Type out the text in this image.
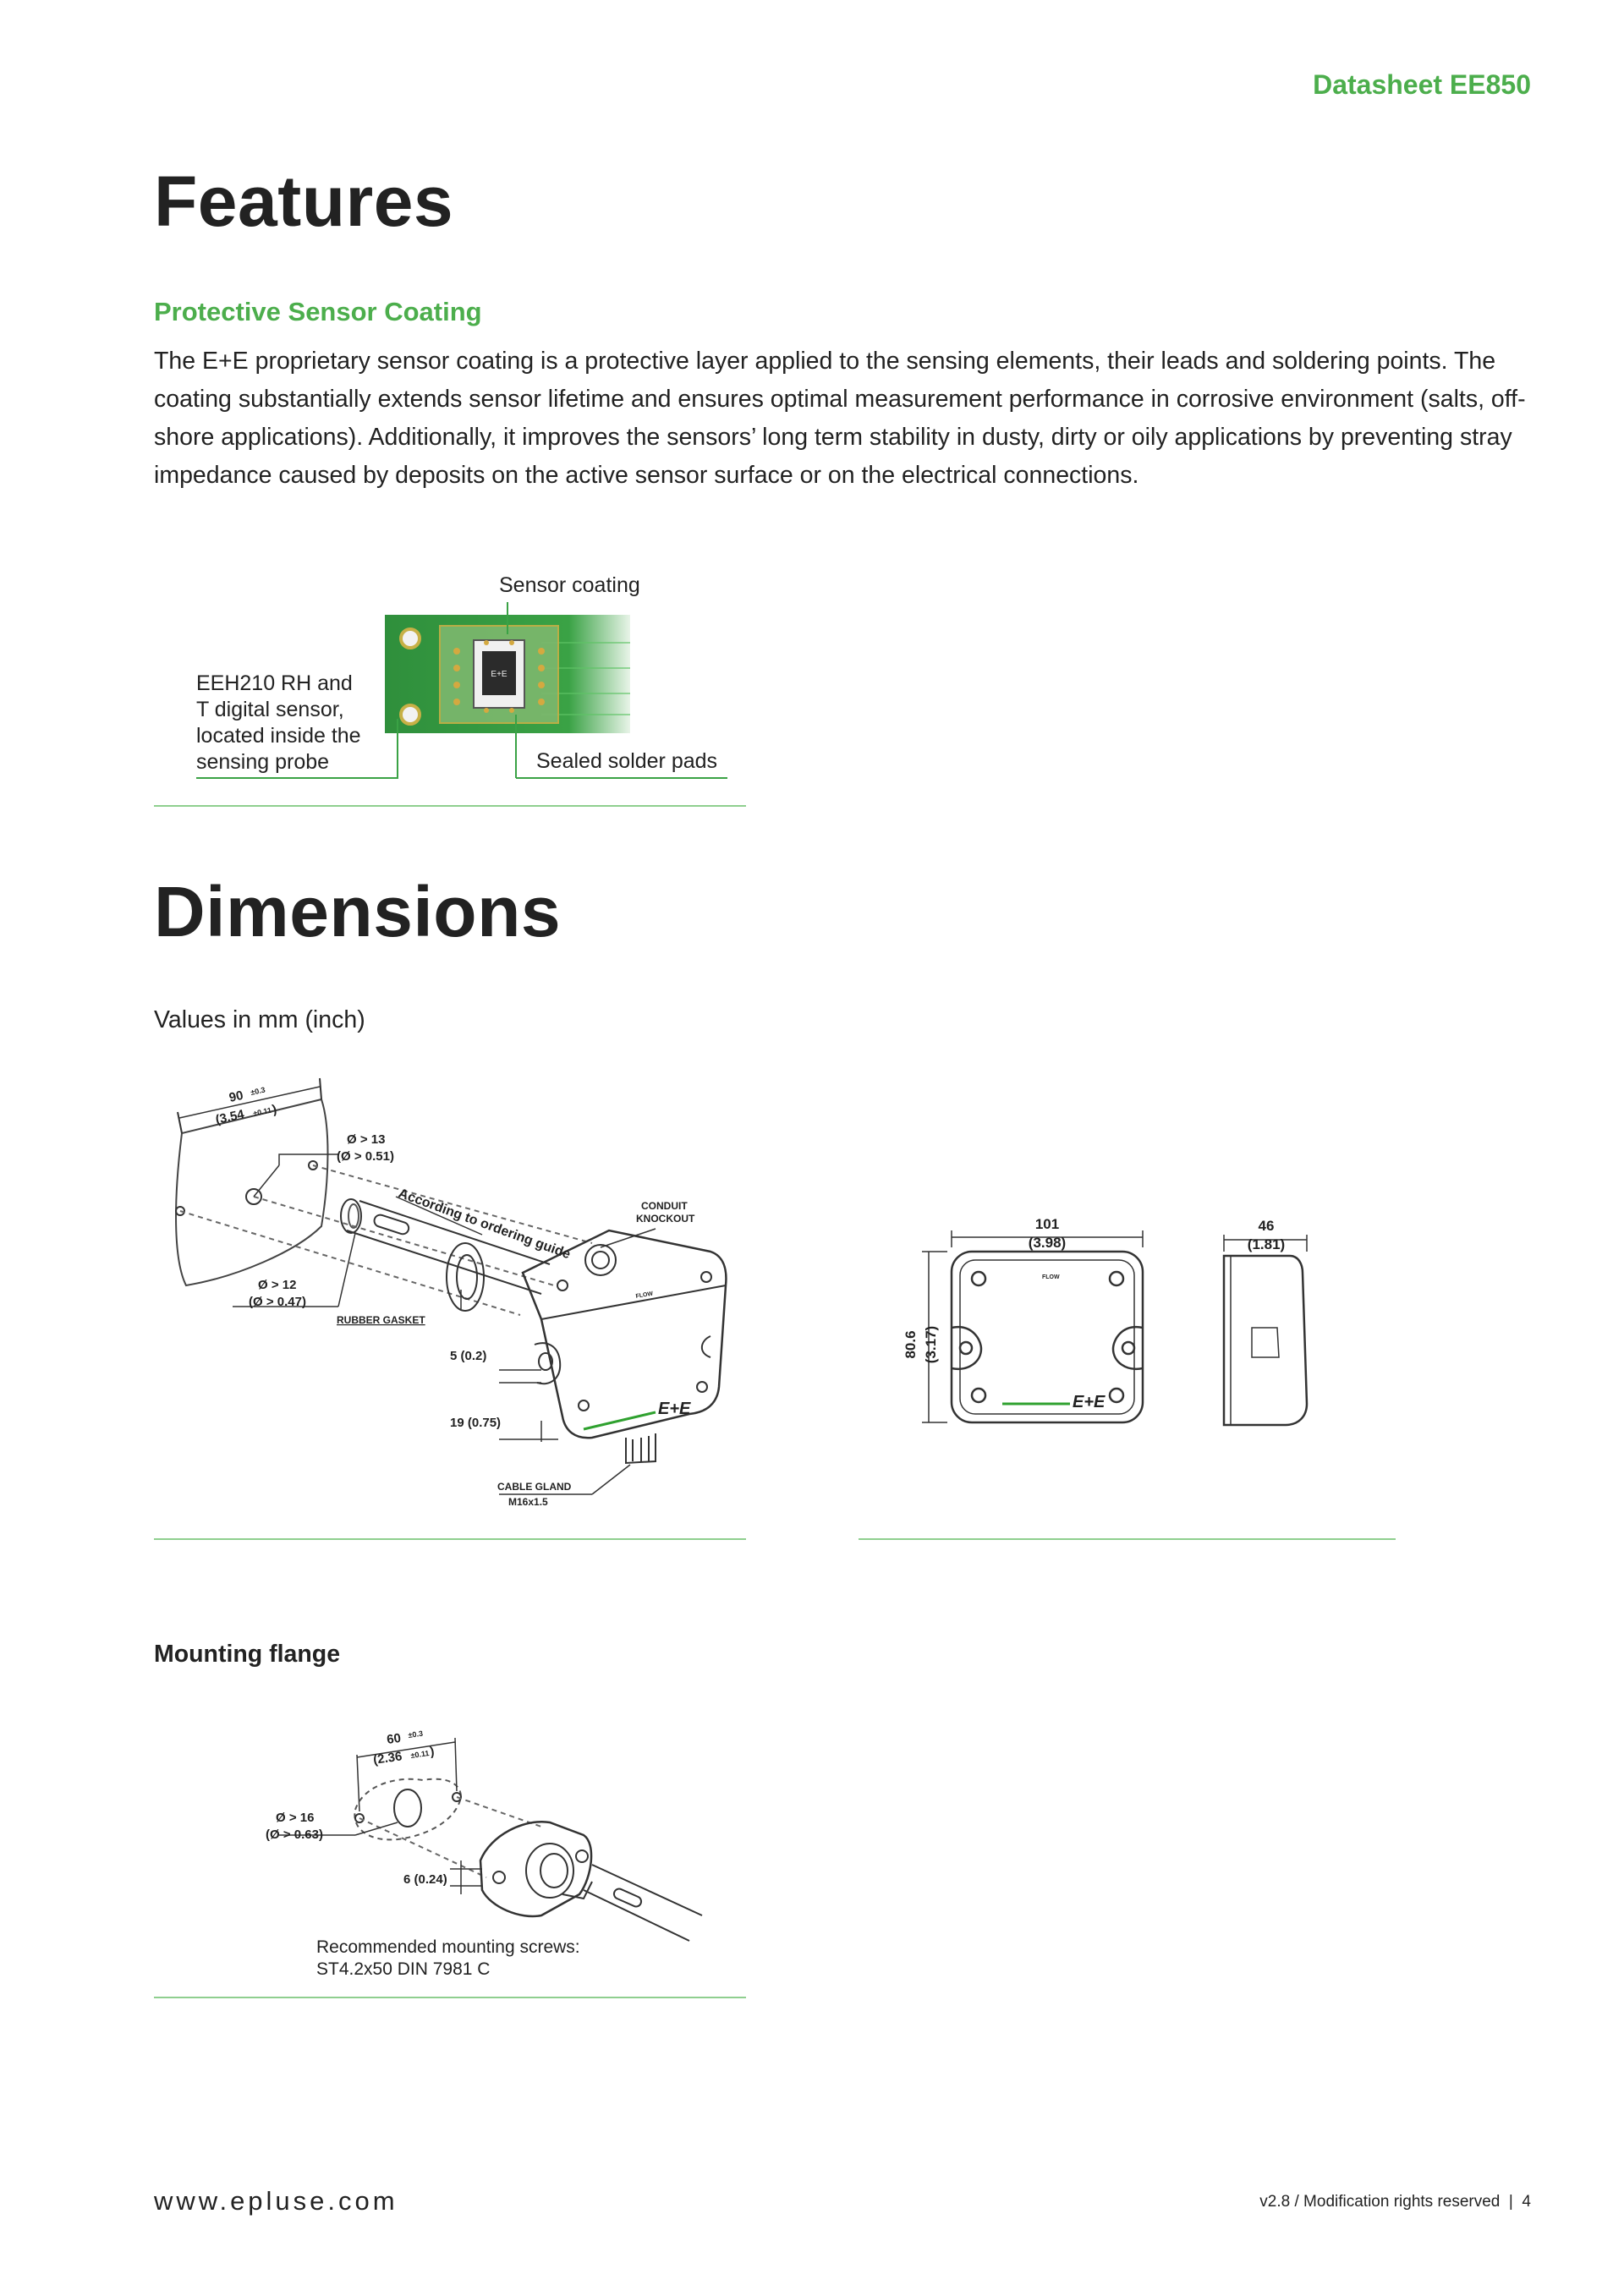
Datasheet EE850
Features
Protective Sensor Coating

The E+E proprietary sensor coating is a protective layer applied to the sensing elements, their leads and soldering points. The coating substantially extends sensor lifetime and ensures optimal measurement performance in corrosive environment (salts, off-shore applications). Additionally, it improves the sensors’ long term stability in dusty, dirty or oily applications by preventing stray impedance caused by deposits on the active sensor surface or on the electrical connections.

Sensor coating
EEH210 RH and
T digital sensor,
located inside the
sensing probe	Sealed solder pads
E+E
Dimensions
Values in mm (inch)
E+E
FLOW
90 ±0.3
(3.54 ±0.11
)
Ø > 13
(Ø > 0.51)
According to ordering guide	CONDUIT
KNOCKOUT
Ø > 12
(Ø > 0.47)
RUBBER GASKET
5 (0.2)
19 (0.75)
CABLE GLAND
M16x1.5
E+E
FLOW
101
(3.98)
80.6 (3.17)
46
(1.81)
60 ±0.3
(2.36 ±0.11 )
Ø > 16
(Ø > 0.63)
6 (0.24)
Mounting flange
Recommended mounting screws:
ST4.2x50 DIN 7981 C
www.epluse.com	v2.8 / Modification rights reserved  |  4
